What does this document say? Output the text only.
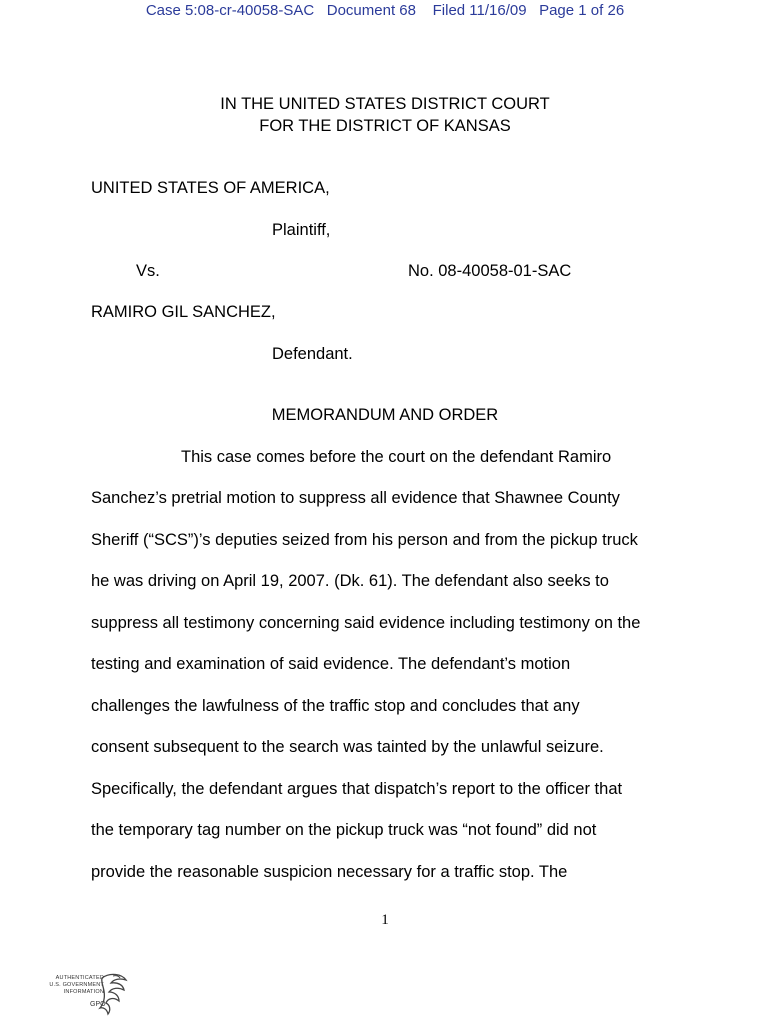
Case 5:08-cr-40058-SAC   Document 68    Filed 11/16/09   Page 1 of 26
IN THE UNITED STATES DISTRICT COURT
FOR THE DISTRICT OF KANSAS
UNITED STATES OF AMERICA,
Plaintiff,
Vs.	No. 08-40058-01-SAC
RAMIRO GIL SANCHEZ,
Defendant.
MEMORANDUM AND ORDER
This case comes before the court on the defendant Ramiro
Sanchez’s pretrial motion to suppress all evidence that Shawnee County
Sheriff (“SCS”)’s deputies seized from his person and from the pickup truck
he was driving on April 19, 2007. (Dk. 61). The defendant also seeks to
suppress all testimony concerning said evidence including testimony on the
testing and examination of said evidence. The defendant’s motion
challenges the lawfulness of the traffic stop and concludes that any
consent subsequent to the search was tainted by the unlawful seizure.
Specifically, the defendant argues that dispatch’s report to the officer that
the temporary tag number on the pickup truck was “not found” did not
provide the reasonable suspicion necessary for a traffic stop. The
1
AUTHENTICATED
U.S. GOVERNMENT
INFORMATION
GPO
